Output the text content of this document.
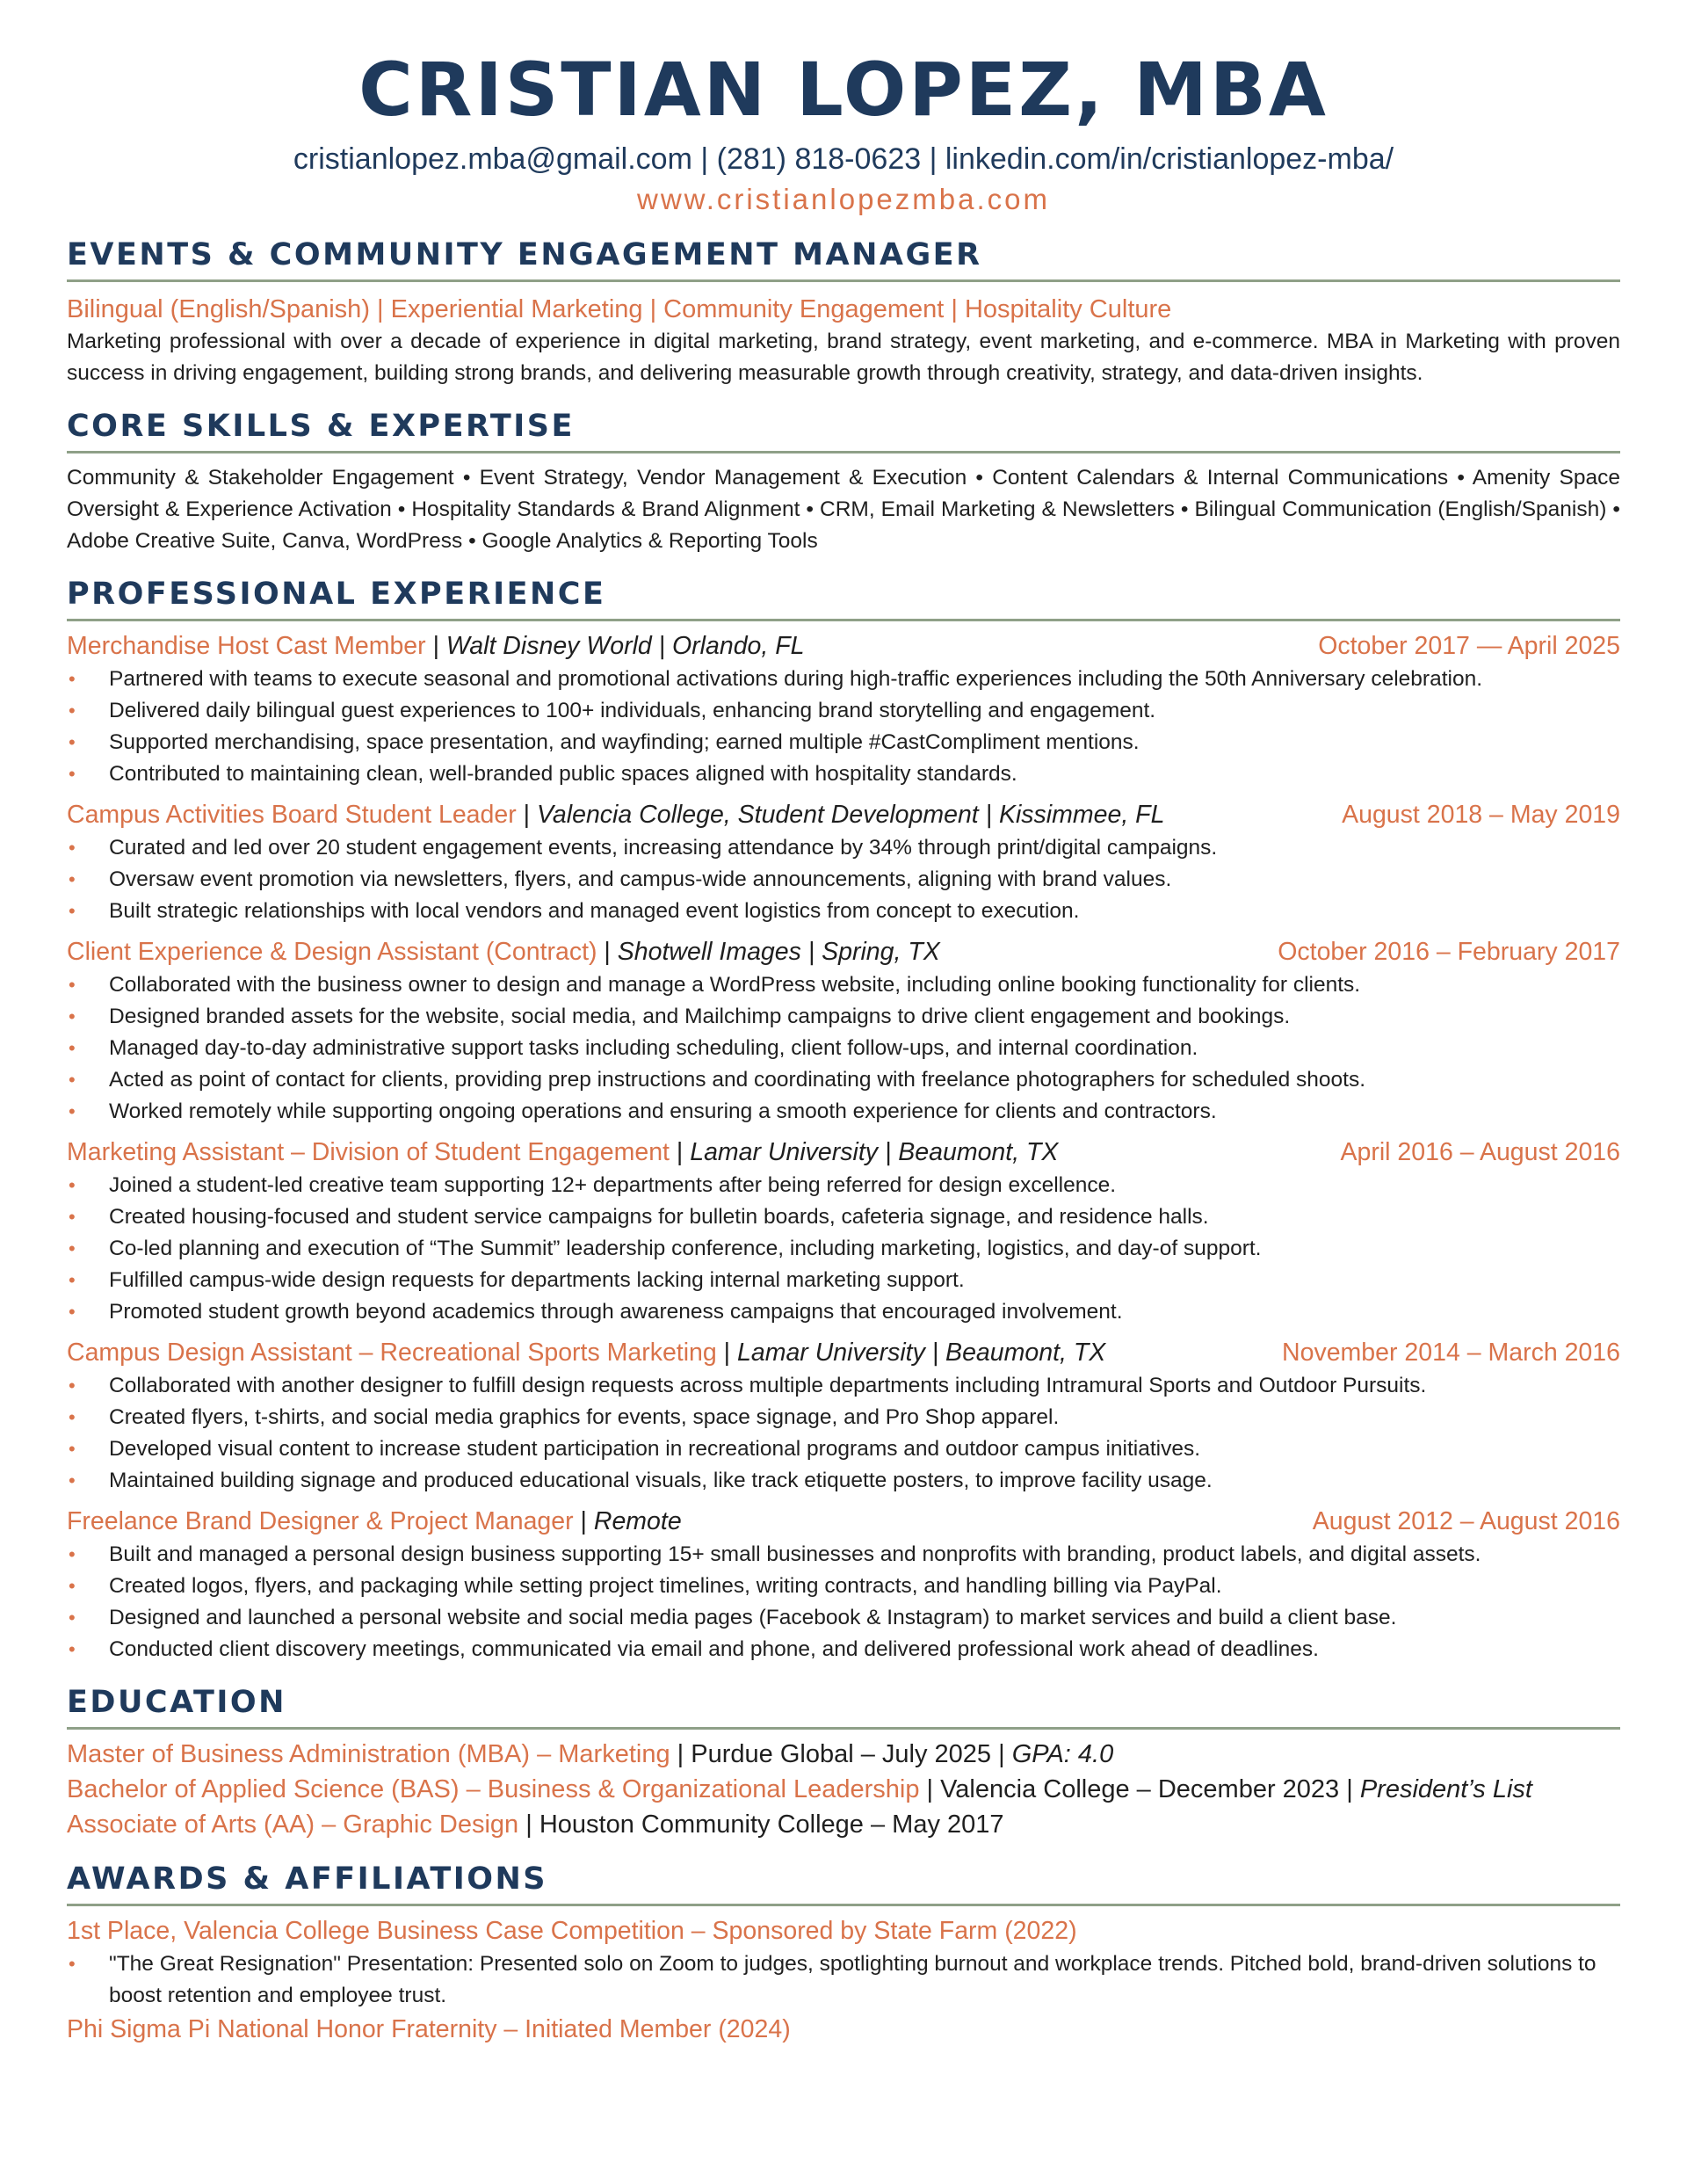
CRISTIAN LOPEZ, MBA
cristianlopez.mba@gmail.com | (281) 818-0623 | linkedin.com/in/cristianlopez-mba/
www.cristianlopezmba.com
EVENTS & COMMUNITY ENGAGEMENT MANAGER
Bilingual (English/Spanish) | Experiential Marketing | Community Engagement | Hospitality Culture
Marketing professional with over a decade of experience in digital marketing, brand strategy, event marketing, and e-commerce. MBA in Marketing with proven success in driving engagement, building strong brands, and delivering measurable growth through creativity, strategy, and data-driven insights.
CORE SKILLS & EXPERTISE
Community & Stakeholder Engagement • Event Strategy, Vendor Management & Execution • Content Calendars & Internal Communications • Amenity Space Oversight & Experience Activation • Hospitality Standards & Brand Alignment • CRM, Email Marketing & Newsletters • Bilingual Communication (English/Spanish) • Adobe Creative Suite, Canva, WordPress • Google Analytics & Reporting Tools
PROFESSIONAL EXPERIENCE
Merchandise Host Cast Member | Walt Disney World | Orlando, FL	October 2017 — April 2025
• Partnered with teams to execute seasonal and promotional activations during high-traffic experiences including the 50th Anniversary celebration.
• Delivered daily bilingual guest experiences to 100+ individuals, enhancing brand storytelling and engagement.
• Supported merchandising, space presentation, and wayfinding; earned multiple #CastCompliment mentions.
• Contributed to maintaining clean, well-branded public spaces aligned with hospitality standards.
Campus Activities Board Student Leader | Valencia College, Student Development | Kissimmee, FL	August 2018 – May 2019
• Curated and led over 20 student engagement events, increasing attendance by 34% through print/digital campaigns.
• Oversaw event promotion via newsletters, flyers, and campus-wide announcements, aligning with brand values.
• Built strategic relationships with local vendors and managed event logistics from concept to execution.
Client Experience & Design Assistant (Contract) | Shotwell Images | Spring, TX	October 2016 – February 2017
• Collaborated with the business owner to design and manage a WordPress website, including online booking functionality for clients.
• Designed branded assets for the website, social media, and Mailchimp campaigns to drive client engagement and bookings.
• Managed day-to-day administrative support tasks including scheduling, client follow-ups, and internal coordination.
• Acted as point of contact for clients, providing prep instructions and coordinating with freelance photographers for scheduled shoots.
• Worked remotely while supporting ongoing operations and ensuring a smooth experience for clients and contractors.
Marketing Assistant – Division of Student Engagement | Lamar University | Beaumont, TX	April 2016 – August 2016
• Joined a student-led creative team supporting 12+ departments after being referred for design excellence.
• Created housing-focused and student service campaigns for bulletin boards, cafeteria signage, and residence halls.
• Co-led planning and execution of “The Summit” leadership conference, including marketing, logistics, and day-of support.
• Fulfilled campus-wide design requests for departments lacking internal marketing support.
• Promoted student growth beyond academics through awareness campaigns that encouraged involvement.
Campus Design Assistant – Recreational Sports Marketing | Lamar University | Beaumont, TX	November 2014 – March 2016
• Collaborated with another designer to fulfill design requests across multiple departments including Intramural Sports and Outdoor Pursuits.
• Created flyers, t-shirts, and social media graphics for events, space signage, and Pro Shop apparel.
• Developed visual content to increase student participation in recreational programs and outdoor campus initiatives.
• Maintained building signage and produced educational visuals, like track etiquette posters, to improve facility usage.
Freelance Brand Designer & Project Manager | Remote	August 2012 – August 2016
• Built and managed a personal design business supporting 15+ small businesses and nonprofits with branding, product labels, and digital assets.
• Created logos, flyers, and packaging while setting project timelines, writing contracts, and handling billing via PayPal.
• Designed and launched a personal website and social media pages (Facebook & Instagram) to market services and build a client base.
• Conducted client discovery meetings, communicated via email and phone, and delivered professional work ahead of deadlines.
EDUCATION
Master of Business Administration (MBA) – Marketing | Purdue Global – July 2025 | GPA: 4.0
Bachelor of Applied Science (BAS) – Business & Organizational Leadership | Valencia College – December 2023 | President’s List
Associate of Arts (AA) – Graphic Design | Houston Community College – May 2017
AWARDS & AFFILIATIONS
1st Place, Valencia College Business Case Competition – Sponsored by State Farm (2022)
• "The Great Resignation" Presentation: Presented solo on Zoom to judges, spotlighting burnout and workplace trends. Pitched bold, brand-driven solutions to boost retention and employee trust.
Phi Sigma Pi National Honor Fraternity – Initiated Member (2024)
